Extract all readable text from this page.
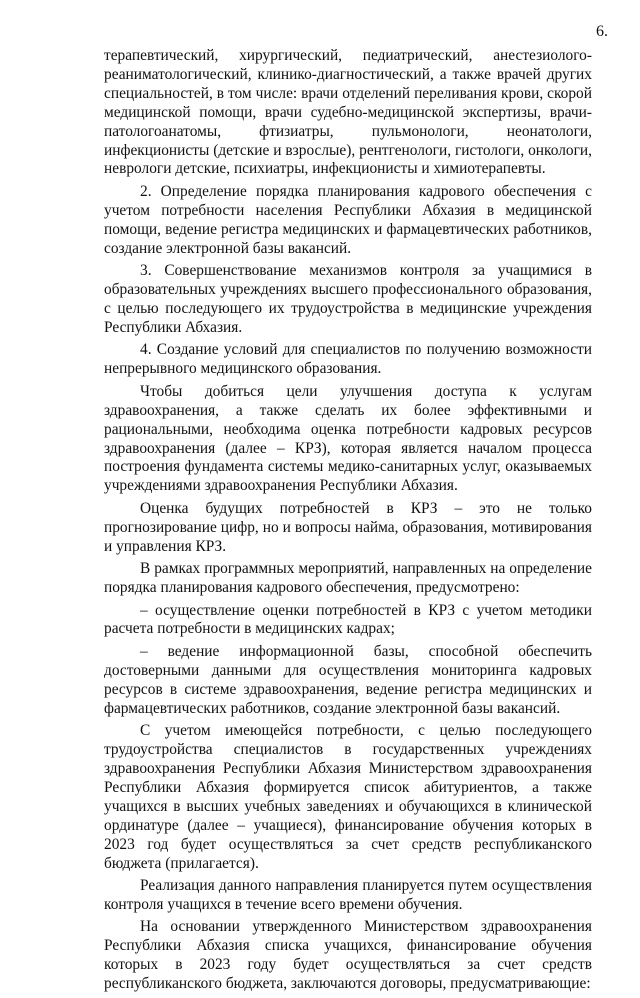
6.

терапевтический, хирургический, педиатрический, анестезиолого-реаниматологический, клинико-диагностический, а также врачей других специальностей, в том числе: врачи отделений переливания крови, скорой медицинской помощи, врачи судебно-медицинской экспертизы, врачи-патологоанатомы, фтизиатры, пульмонологи, неонатологи, инфекционисты (детские и взрослые), рентгенологи, гистологи, онкологи, неврологи детские, психиатры, инфекционисты и химиотерапевты.

2. Определение порядка планирования кадрового обеспечения с учетом потребности населения Республики Абхазия в медицинской помощи, ведение регистра медицинских и фармацевтических работников, создание электронной базы вакансий.

3. Совершенствование механизмов контроля за учащимися в образовательных учреждениях высшего профессионального образования, с целью последующего их трудоустройства в медицинские учреждения Республики Абхазия.

4. Создание условий для специалистов по получению возможности непрерывного медицинского образования.

Чтобы добиться цели улучшения доступа к услугам здравоохранения, а также сделать их более эффективными и рациональными, необходима оценка потребности кадровых ресурсов здравоохранения (далее – КРЗ), которая является началом процесса построения фундамента системы медико-санитарных услуг, оказываемых учреждениями здравоохранения Республики Абхазия.

Оценка будущих потребностей в КРЗ – это не только прогнозирование цифр, но и вопросы найма, образования, мотивирования и управления КРЗ.

В рамках программных мероприятий, направленных на определение порядка планирования кадрового обеспечения, предусмотрено:

– осуществление оценки потребностей в КРЗ с учетом методики расчета потребности в медицинских кадрах;

– ведение информационной базы, способной обеспечить достоверными данными для осуществления мониторинга кадровых ресурсов в системе здравоохранения, ведение регистра медицинских и фармацевтических работников, создание электронной базы вакансий.

С учетом имеющейся потребности, с целью последующего трудоустройства специалистов в государственных учреждениях здравоохранения Республики Абхазия Министерством здравоохранения Республики Абхазия формируется список абитуриентов, а также учащихся в высших учебных заведениях и обучающихся в клинической ординатуре (далее – учащиеся), финансирование обучения которых в 2023 год будет осуществляться за счет средств республиканского бюджета (прилагается).

Реализация данного направления планируется путем осуществления контроля учащихся в течение всего времени обучения.

На основании утвержденного Министерством здравоохранения Республики Абхазия списка учащихся, финансирование обучения которых в 2023 году будет осуществляться за счет средств республиканского бюджета, заключаются договоры, предусматривающие:
